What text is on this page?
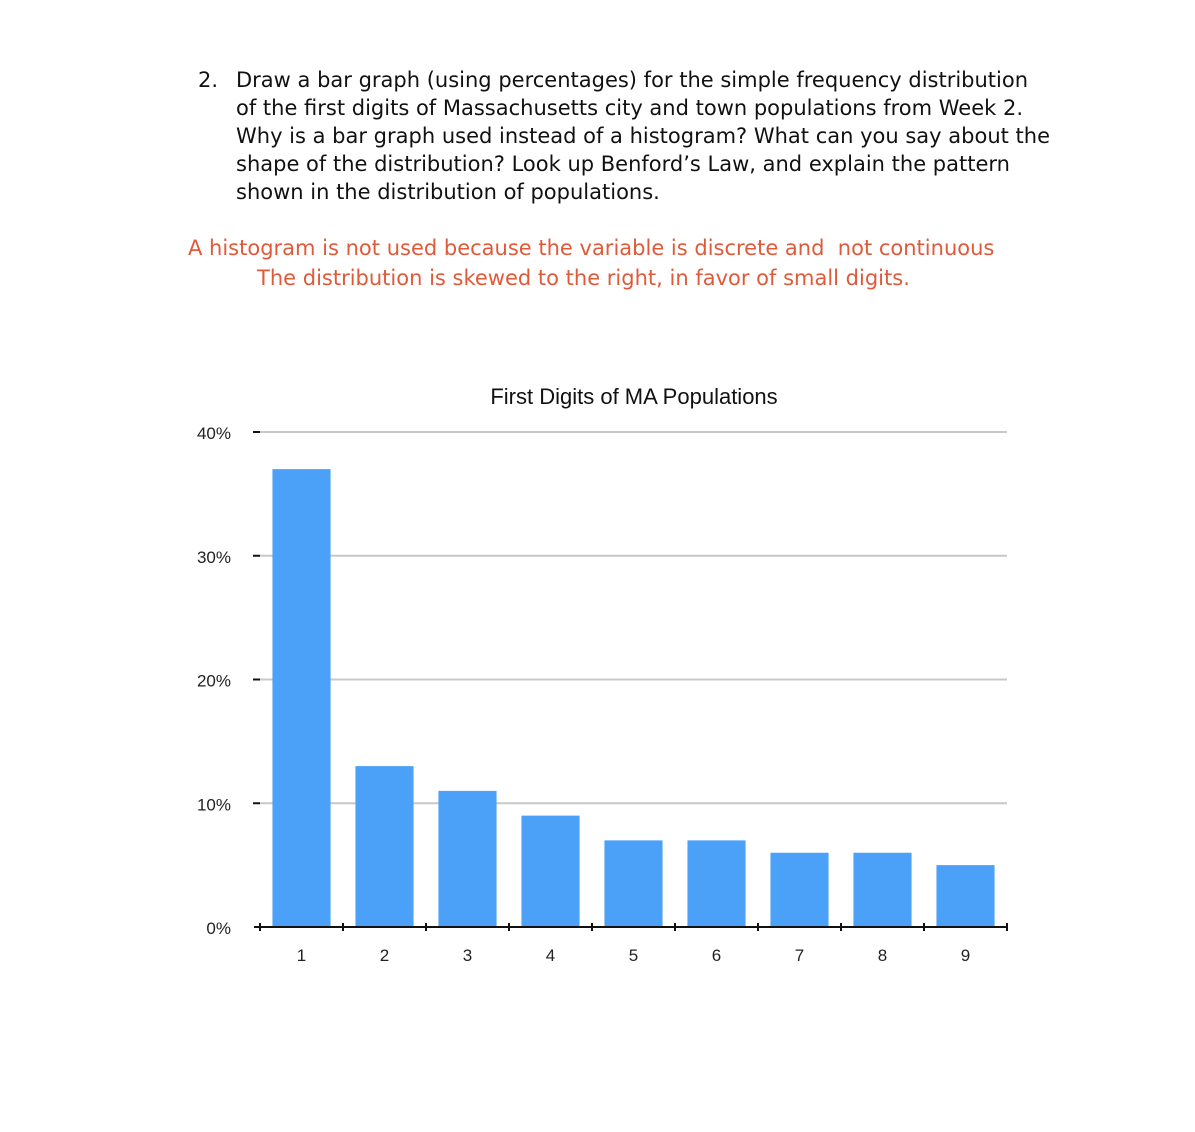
2. Draw a bar graph (using percentages) for the simple frequency distribution
of the first digits of Massachusetts city and town populations from Week 2.
Why is a bar graph used instead of a histogram? What can you say about the
shape of the distribution? Look up Benford’s Law, and explain the pattern
shown in the distribution of populations.
A histogram is not used because the variable is discrete and  not continuous
The distribution is skewed to the right, in favor of small digits.
First Digits of MA Populations
0%
10%
20%
30%
40%
1	2	3	4	5	6	7	8	9
